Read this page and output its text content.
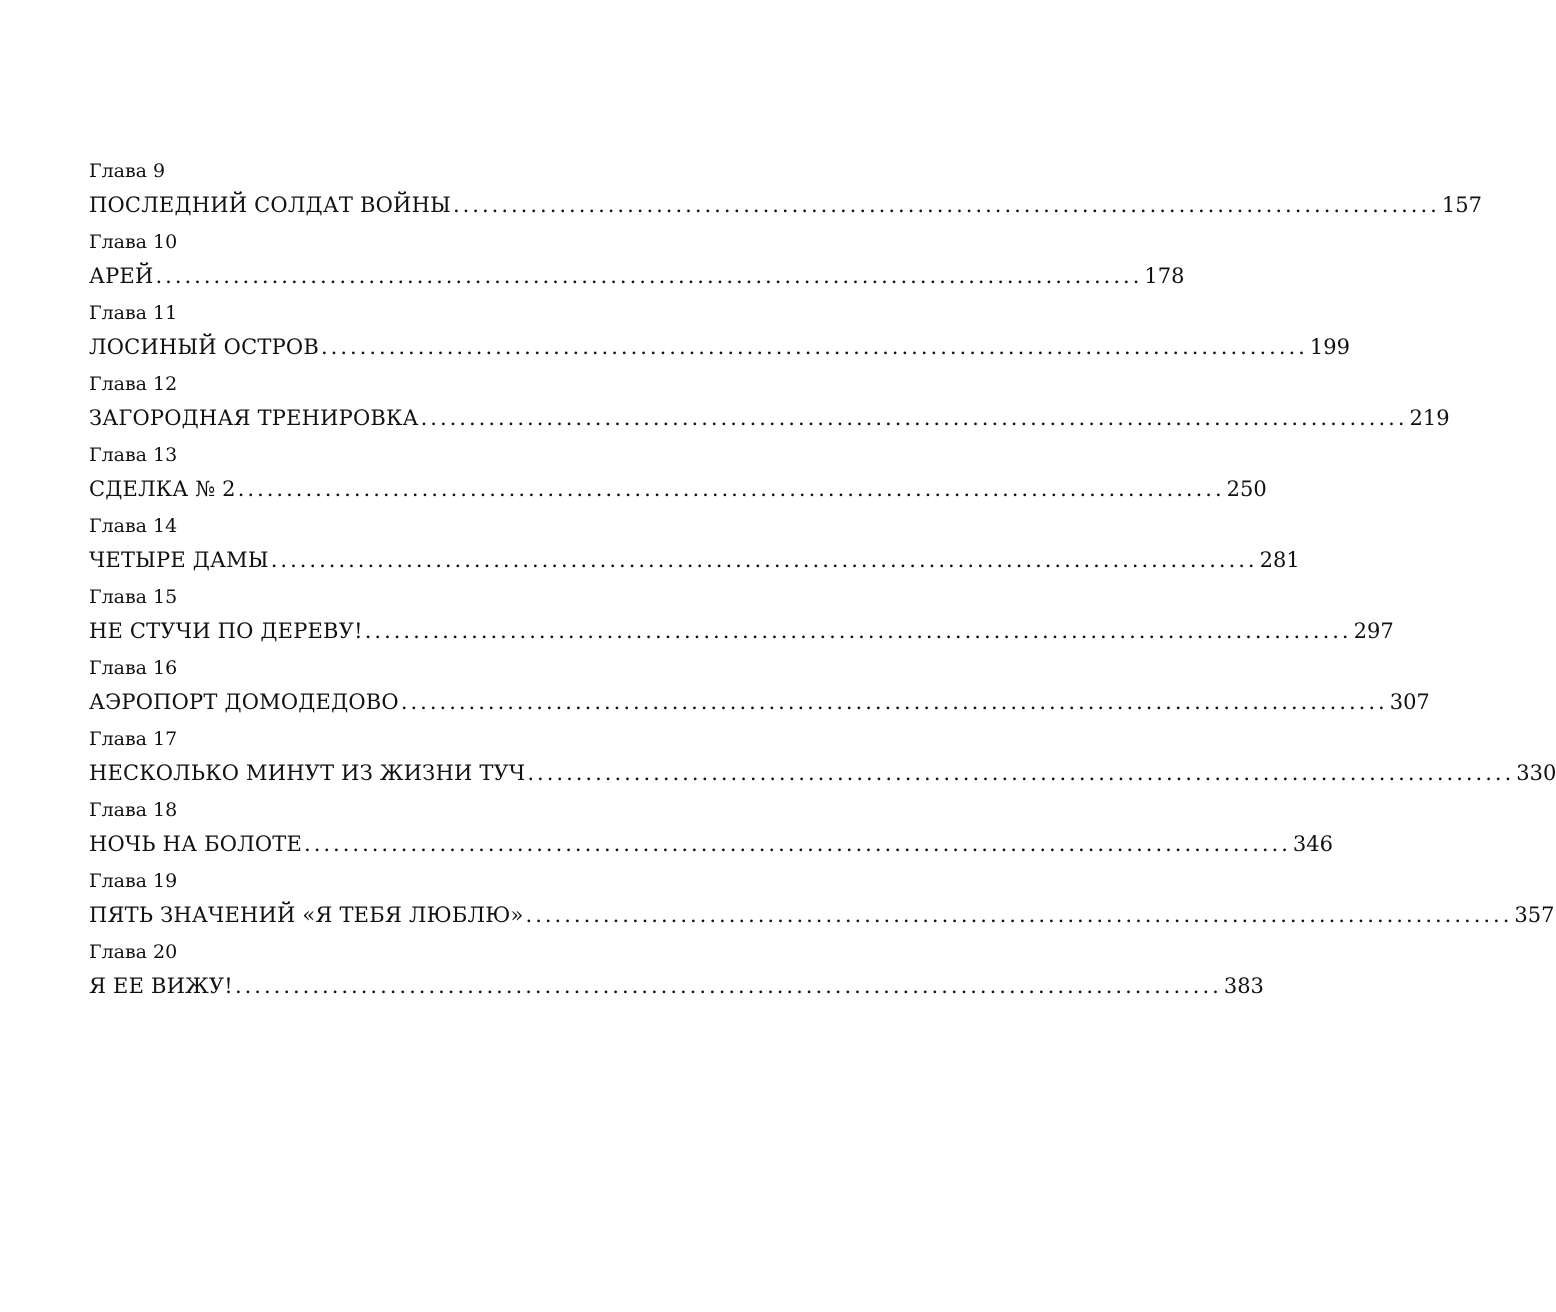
Глава 9
ПОСЛЕДНИЙ СОЛДАТ ВОЙНЫ ...................................................................................................... 157
Глава 10
АРЕЙ ...................................................................................................... 178
Глава 11
ЛОСИНЫЙ ОСТРОВ ...................................................................................................... 199
Глава 12
ЗАГОРОДНАЯ ТРЕНИРОВКА ...................................................................................................... 219
Глава 13
СДЕЛКА № 2 ...................................................................................................... 250
Глава 14
ЧЕТЫРЕ ДАМЫ ...................................................................................................... 281
Глава 15
НЕ СТУЧИ ПО ДЕРЕВУ! ...................................................................................................... 297
Глава 16
АЭРОПОРТ ДОМОДЕДОВО ...................................................................................................... 307
Глава 17
НЕСКОЛЬКО МИНУТ ИЗ ЖИЗНИ ТУЧ ...................................................................................................... 330
Глава 18
НОЧЬ НА БОЛОТЕ ...................................................................................................... 346
Глава 19
ПЯТЬ ЗНАЧЕНИЙ «Я ТЕБЯ ЛЮБЛЮ» ...................................................................................................... 357
Глава 20
Я ЕЕ ВИЖУ! ...................................................................................................... 383
